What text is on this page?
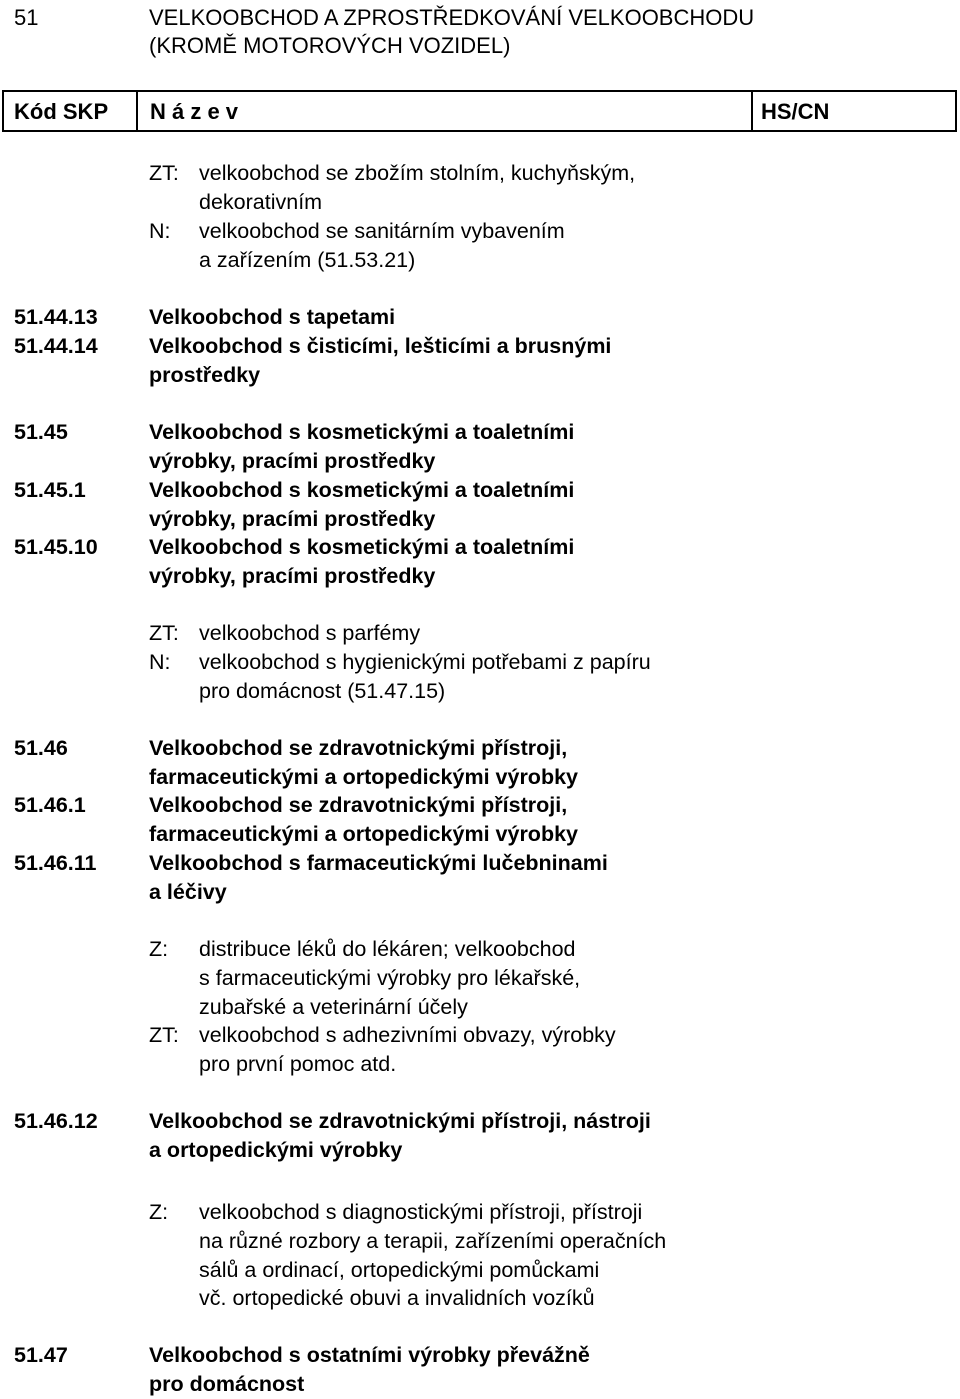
51	VELKOOBCHOD A ZPROSTŘEDKOVÁNÍ VELKOOBCHODU
(KROMĚ MOTOROVÝCH VOZIDEL)
Kód SKP	N á z e v	HS/CN
ZT: velkoobchod se zbožím stolním, kuchyňským,
dekorativním
N: velkoobchod se sanitárním vybavením
a zařízením (51.53.21)
51.44.13 Velkoobchod s tapetami
51.44.14 Velkoobchod s čisticími, lešticími a brusnými
prostředky
51.45	Velkoobchod s kosmetickými a toaletními
výrobky, pracími prostředky
51.45.1	Velkoobchod s kosmetickými a toaletními
výrobky, pracími prostředky
51.45.10 Velkoobchod s kosmetickými a toaletními
výrobky, pracími prostředky
ZT: velkoobchod s parfémy
N: velkoobchod s hygienickými potřebami z papíru
pro domácnost (51.47.15)
51.46	Velkoobchod se zdravotnickými přístroji,
farmaceutickými a ortopedickými výrobky
51.46.1	Velkoobchod se zdravotnickými přístroji,
farmaceutickými a ortopedickými výrobky
51.46.11 Velkoobchod s farmaceutickými lučebninami
a léčivy
Z: distribuce léků do lékáren; velkoobchod
s farmaceutickými výrobky pro lékařské,
zubařské a veterinární účely
ZT: velkoobchod s adhezivními obvazy, výrobky
pro první pomoc atd.
51.46.12 Velkoobchod se zdravotnickými přístroji, nástroji
a ortopedickými výrobky
Z: velkoobchod s diagnostickými přístroji, přístroji
na různé rozbory a terapii, zařízeními operačních
sálů a ordinací, ortopedickými pomůckami
vč. ortopedické obuvi a invalidních vozíků
51.47	Velkoobchod s ostatními výrobky převážně
pro domácnost
